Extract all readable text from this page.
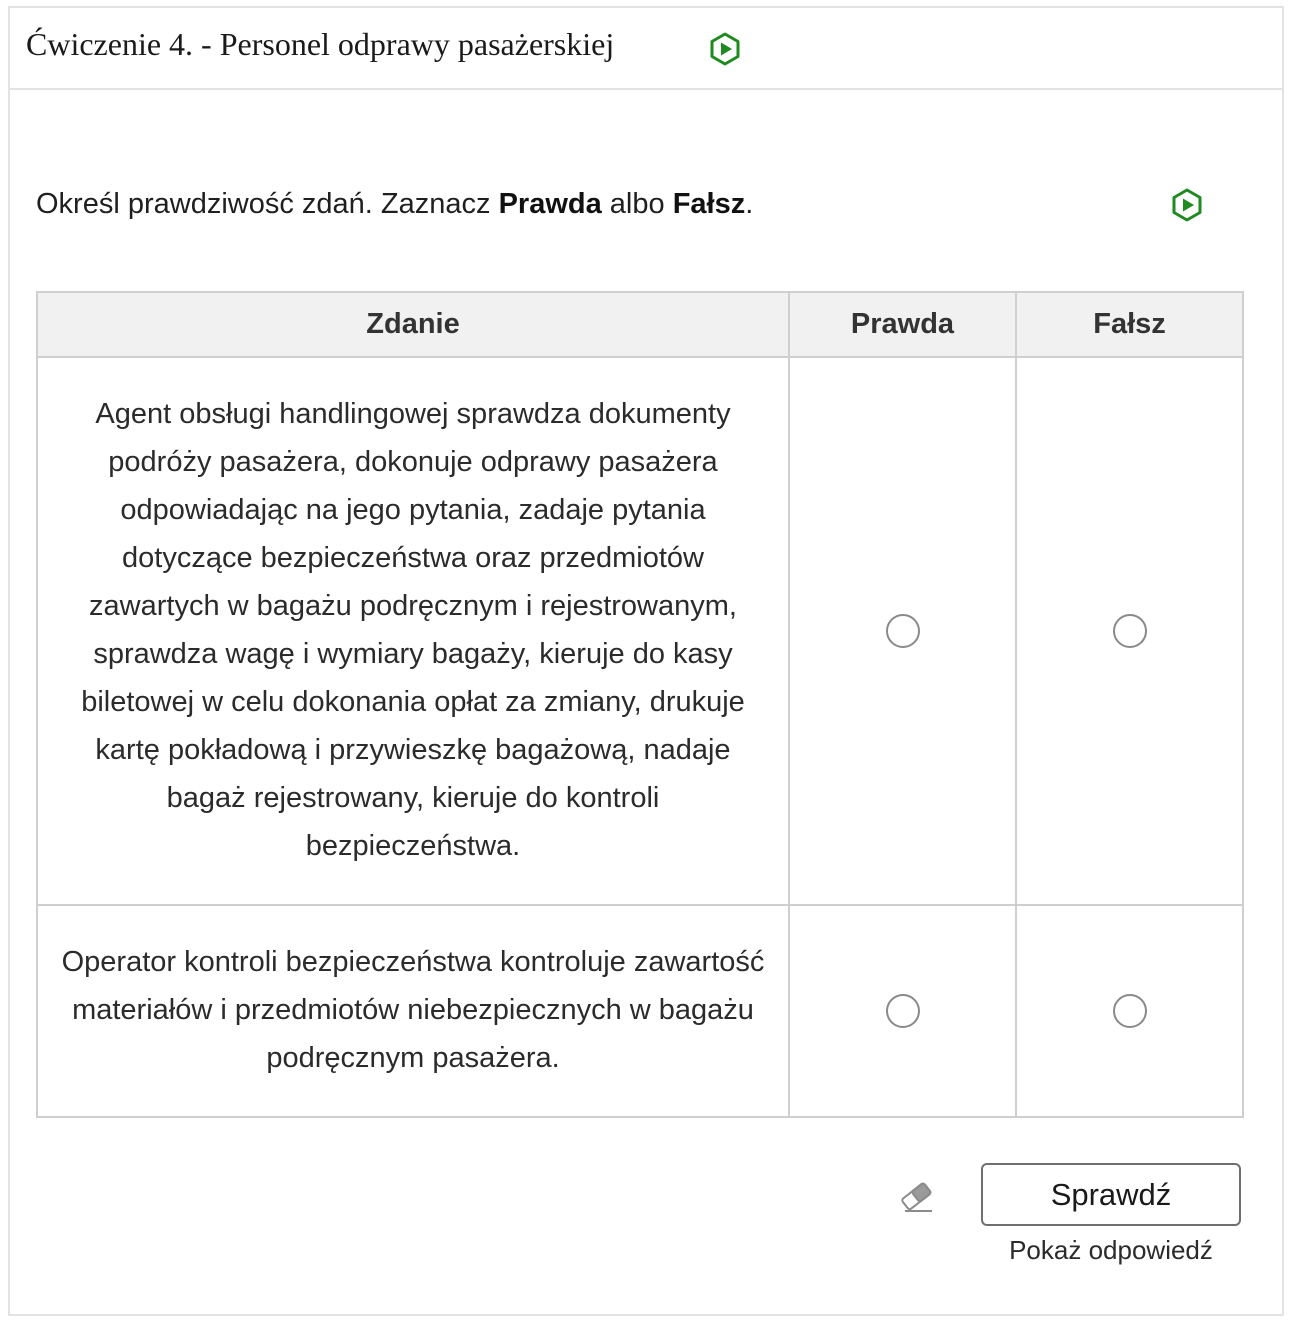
Ćwiczenie 4. - Personel odprawy pasażerskiej
Określ prawdziwość zdań. Zaznacz Prawda albo Fałsz.
Zdanie	Prawda	Fałsz
Agent obsługi handlingowej sprawdza dokumenty podróży pasażera, dokonuje odprawy pasażera odpowiadając na jego pytania, zadaje pytania dotyczące bezpieczeństwa oraz przedmiotów zawartych w bagażu podręcznym i rejestrowanym, sprawdza wagę i wymiary bagaży, kieruje do kasy biletowej w celu dokonania opłat za zmiany, drukuje kartę pokładową i przywieszkę bagażową, nadaje bagaż rejestrowany, kieruje do kontroli bezpieczeństwa.		
Operator kontroli bezpieczeństwa kontroluje zawartość materiałów i przedmiotów niebezpiecznych w bagażu podręcznym pasażera.		
Sprawdź
Pokaż odpowiedź
